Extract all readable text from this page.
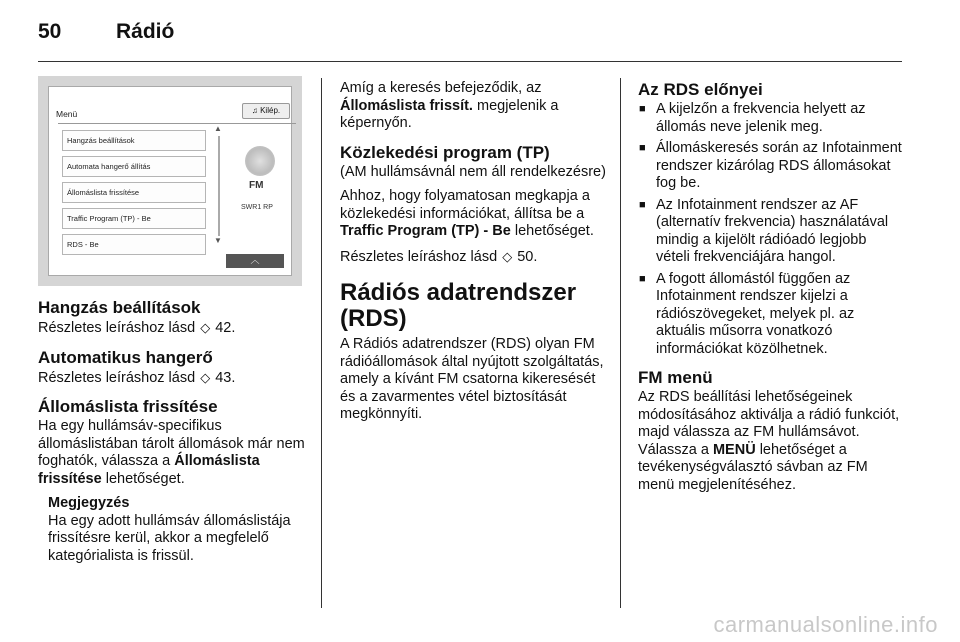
50	Rádió
Menü	♫ Kilép.
Hangzás beállítások
Automata hangerő állítás
Állomáslista frissítése
Traffic Program (TP) - Be
RDS - Be
▲
▼
FM
SWR1 RP
︿
Hangzás beállítások

Részletes leíráshoz lásd ◇ 42.

Automatikus hangerő

Részletes leíráshoz lásd ◇ 43.

Állomáslista frissítése

Ha egy hullámsáv-specifikus állomáslistában tárolt állomások már nem foghatók, válassza a Állomáslista frissítése lehetőséget.

Megjegyzés

Ha egy adott hullámsáv állomáslistája frissítésre kerül, akkor a megfelelő kategórialista is frissül.

Amíg a keresés befejeződik, az Állomáslista frissít. megjelenik a képernyőn.

Közlekedési program (TP)

(AM hullámsávnál nem áll rendelkezésre)

Ahhoz, hogy folyamatosan megkapja a közlekedési információkat, állítsa be a Traffic Program (TP) - Be lehetőséget.

Részletes leíráshoz lásd ◇ 50.

Rádiós adatrendszer (RDS)

A Rádiós adatrendszer (RDS) olyan FM rádióállomások által nyújtott szolgáltatás, amely a kívánt FM csatorna kikeresését és a zavarmentes vétel biztosítását megkönnyíti.

Az RDS előnyei
■ A kijelzőn a frekvencia helyett az állomás neve jelenik meg.
■ Állomáskeresés során az Infotainment rendszer kizárólag RDS állomásokat fog be.
■ Az Infotainment rendszer az AF (alternatív frekvencia) használatával mindig a kijelölt rádióadó legjobb vételi frekvenciájára hangol.
■ A fogott állomástól függően az Infotainment rendszer kijelzi a rádiószövegeket, melyek pl. az aktuális műsorra vonatkozó információkat közölhetnek.
FM menü

Az RDS beállítási lehetőségeinek módosításához aktiválja a rádió funkciót, majd válassza az FM hullámsávot. Válassza a MENÜ lehetőséget a tevékenységválasztó sávban az FM menü megjelenítéséhez.

carmanualsonline.info
